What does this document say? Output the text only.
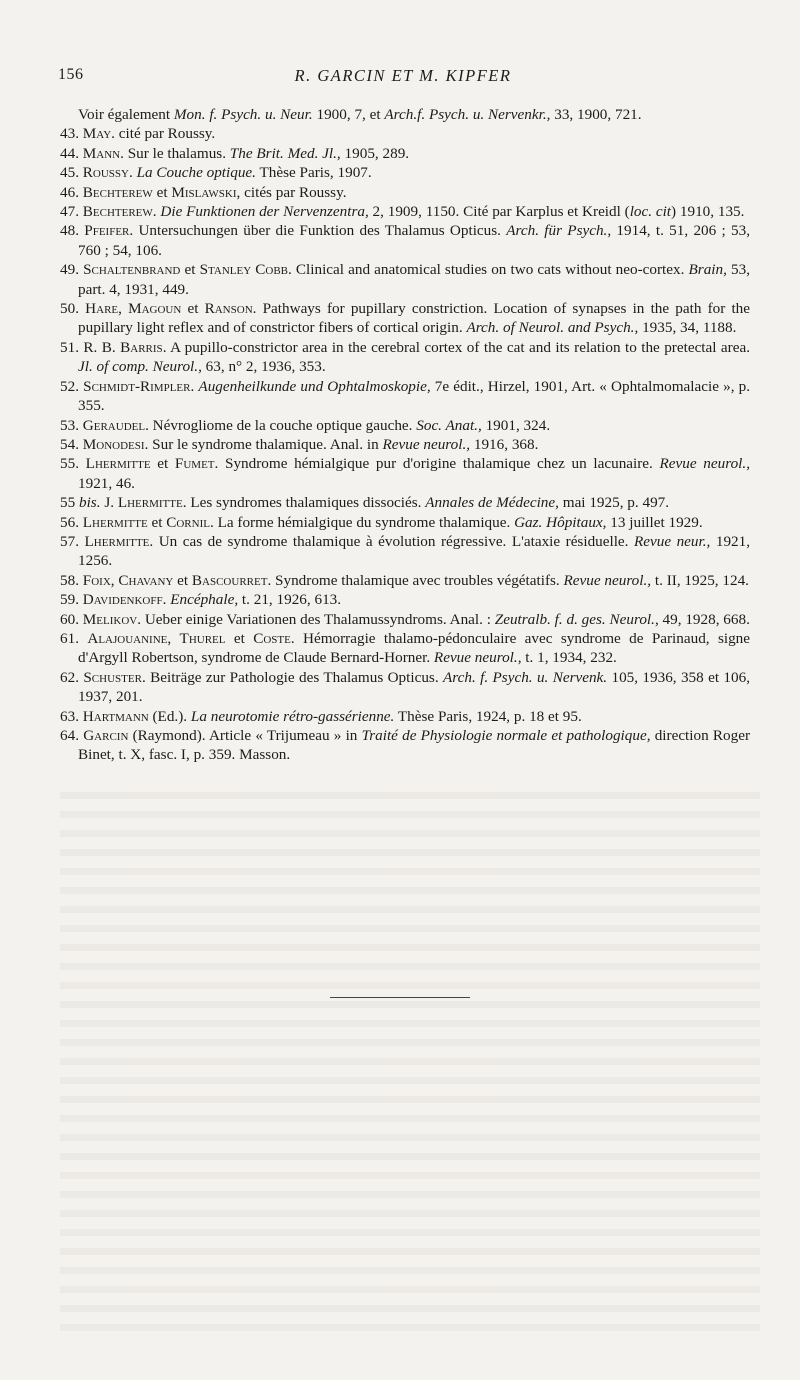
156	R. GARCIN ET M. KIPFER
Voir également Mon. f. Psych. u. Neur. 1900, 7, et Arch.f. Psych. u. Nervenkr., 33, 1900, 721.
43. May. cité par Roussy.
44. Mann. Sur le thalamus. The Brit. Med. Jl., 1905, 289.
45. Roussy. La Couche optique. Thèse Paris, 1907.
46. Bechterew et Mislawski, cités par Roussy.
47. Bechterew. Die Funktionen der Nervenzentra, 2, 1909, 1150. Cité par Karplus et Kreidl (loc. cit) 1910, 135.
48. Pfeifer. Untersuchungen über die Funktion des Thalamus Opticus. Arch. für Psych., 1914, t. 51, 206 ; 53, 760 ; 54, 106.
49. Schaltenbrand et Stanley Cobb. Clinical and anatomical studies on two cats without neo-cortex. Brain, 53, part. 4, 1931, 449.
50. Hare, Magoun et Ranson. Pathways for pupillary constriction. Location of synapses in the path for the pupillary light reflex and of constrictor fibers of cortical origin. Arch. of Neurol. and Psych., 1935, 34, 1188.
51. R. B. Barris. A pupillo-constrictor area in the cerebral cortex of the cat and its relation to the pretectal area. Jl. of comp. Neurol., 63, n° 2, 1936, 353.
52. Schmidt-Rimpler. Augenheilkunde und Ophtalmoskopie, 7e édit., Hirzel, 1901, Art. « Ophtalmomalacie », p. 355.
53. Geraudel. Névrogliome de la couche optique gauche. Soc. Anat., 1901, 324.
54. Monodesi. Sur le syndrome thalamique. Anal. in Revue neurol., 1916, 368.
55. Lhermitte et Fumet. Syndrome hémialgique pur d'origine thalamique chez un lacunaire. Revue neurol., 1921, 46.
55 bis. J. Lhermitte. Les syndromes thalamiques dissociés. Annales de Médecine, mai 1925, p. 497.
56. Lhermitte et Cornil. La forme hémialgique du syndrome thalamique. Gaz. Hôpitaux, 13 juillet 1929.
57. Lhermitte. Un cas de syndrome thalamique à évolution régressive. L'ataxie résiduelle. Revue neur., 1921, 1256.
58. Foix, Chavany et Bascourret. Syndrome thalamique avec troubles végétatifs. Revue neurol., t. II, 1925, 124.
59. Davidenkoff. Encéphale, t. 21, 1926, 613.
60. Melikov. Ueber einige Variationen des Thalamussyndroms. Anal. : Zeutralb. f. d. ges. Neurol., 49, 1928, 668.
61. Alajouanine, Thurel et Coste. Hémorragie thalamo-pédonculaire avec syndrome de Parinaud, signe d'Argyll Robertson, syndrome de Claude Bernard-Horner. Revue neurol., t. 1, 1934, 232.
62. Schuster. Beiträge zur Pathologie des Thalamus Opticus. Arch. f. Psych. u. Nervenk. 105, 1936, 358 et 106, 1937, 201.
63. Hartmann (Ed.). La neurotomie rétro-gassérienne. Thèse Paris, 1924, p. 18 et 95.
64. Garcin (Raymond). Article « Trijumeau » in Traité de Physiologie normale et pathologique, direction Roger Binet, t. X, fasc. I, p. 359. Masson.
